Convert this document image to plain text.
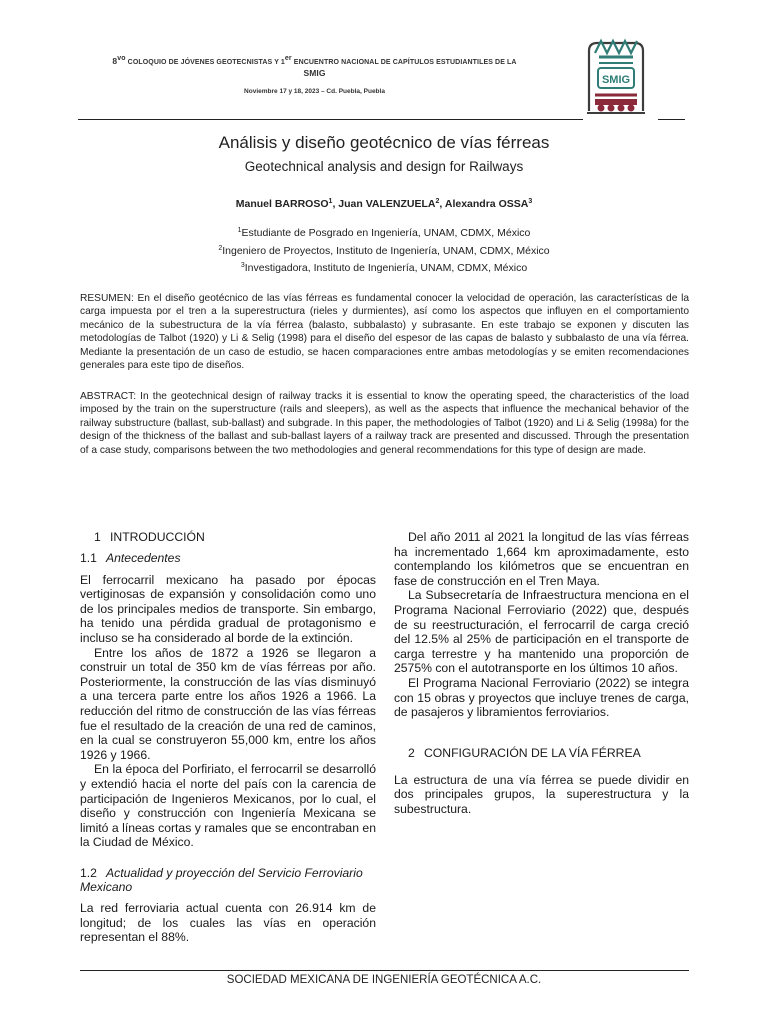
$8^{vo}$ COLOQUIO DE JÓVENES GEOTECNISTAS Y 1er ENCUENTRO NACIONAL DE CAPÍTULOS ESTUDIANTILES DE LA
SMIG
Noviembre 17 y 18, 2023 – Cd. Puebla, Puebla
SMIG
Análisis y diseño geotécnico de vías férreas
Geotechnical analysis and design for Railways
Manuel BARROSO$^1$, Juan VALENZUELA$^2$, Alexandra OSSA$^3$
$^1$Estudiante de Posgrado en Ingeniería, UNAM, CDMX, México
$^2$Ingeniero de Proyectos, Instituto de Ingeniería, UNAM, CDMX, México
$^3$Investigadora, Instituto de Ingeniería, UNAM, CDMX, México
RESUMEN: En el diseño geotécnico de las vías férreas es fundamental conocer la velocidad de operación, las características de la carga impuesta por el tren a la superestructura (rieles y durmientes), así como los aspectos que influyen en el comportamiento mecánico de la subestructura de la vía férrea (balasto, subbalasto) y subrasante. En este trabajo se exponen y discuten las metodologías de Talbot (1920) y Li & Selig (1998) para el diseño del espesor de las capas de balasto y subbalasto de una vía férrea. Mediante la presentación de un caso de estudio, se hacen comparaciones entre ambas metodologías y se emiten recomendaciones generales para este tipo de diseños.
ABSTRACT: In the geotechnical design of railway tracks it is essential to know the operating speed, the characteristics of the load imposed by the train on the superstructure (rails and sleepers), as well as the aspects that influence the mechanical behavior of the railway substructure (ballast, sub-ballast) and subgrade. In this paper, the methodologies of Talbot (1920) and Li & Selig (1998a) for the design of the thickness of the ballast and sub-ballast layers of a railway track are presented and discussed. Through the presentation of a case study, comparisons between the two methodologies and general recommendations for this type of design are made.
1 INTRODUCCIÓN
1.1 Antecedentes
El ferrocarril mexicano ha pasado por épocas vertiginosas de expansión y consolidación como uno de los principales medios de transporte. Sin embargo, ha tenido una pérdida gradual de protagonismo e incluso se ha considerado al borde de la extinción.
Entre los años de 1872 a 1926 se llegaron a construir un total de 350 km de vías férreas por año. Posteriormente, la construcción de las vías disminuyó a una tercera parte entre los años 1926 a 1966. La reducción del ritmo de construcción de las vías férreas fue el resultado de la creación de una red de caminos, en la cual se construyeron 55,000 km, entre los años 1926 y 1966.
En la época del Porfiriato, el ferrocarril se desarrolló y extendió hacia el norte del país con la carencia de participación de Ingenieros Mexicanos, por lo cual, el diseño y construcción con Ingeniería Mexicana se limitó a líneas cortas y ramales que se encontraban en la Ciudad de México.
1.2 Actualidad y proyección del Servicio Ferroviario Mexicano
La red ferroviaria actual cuenta con 26.914 km de longitud; de los cuales las vías en operación representan el 88%.
Del año 2011 al 2021 la longitud de las vías férreas ha incrementado 1,664 km aproximadamente, esto contemplando los kilómetros que se encuentran en fase de construcción en el Tren Maya.
La Subsecretaría de Infraestructura menciona en el Programa Nacional Ferroviario (2022) que, después de su reestructuración, el ferrocarril de carga creció del 12.5% al 25% de participación en el transporte de carga terrestre y ha mantenido una proporción de 2575% con el autotransporte en los últimos 10 años.
El Programa Nacional Ferroviario (2022) se integra con 15 obras y proyectos que incluye trenes de carga, de pasajeros y libramientos ferroviarios.
2 CONFIGURACIÓN DE LA VÍA FÉRREA
La estructura de una vía férrea se puede dividir en dos principales grupos, la superestructura y la subestructura.
SOCIEDAD MEXICANA DE INGENIERÍA GEOTÉCNICA A.C.
